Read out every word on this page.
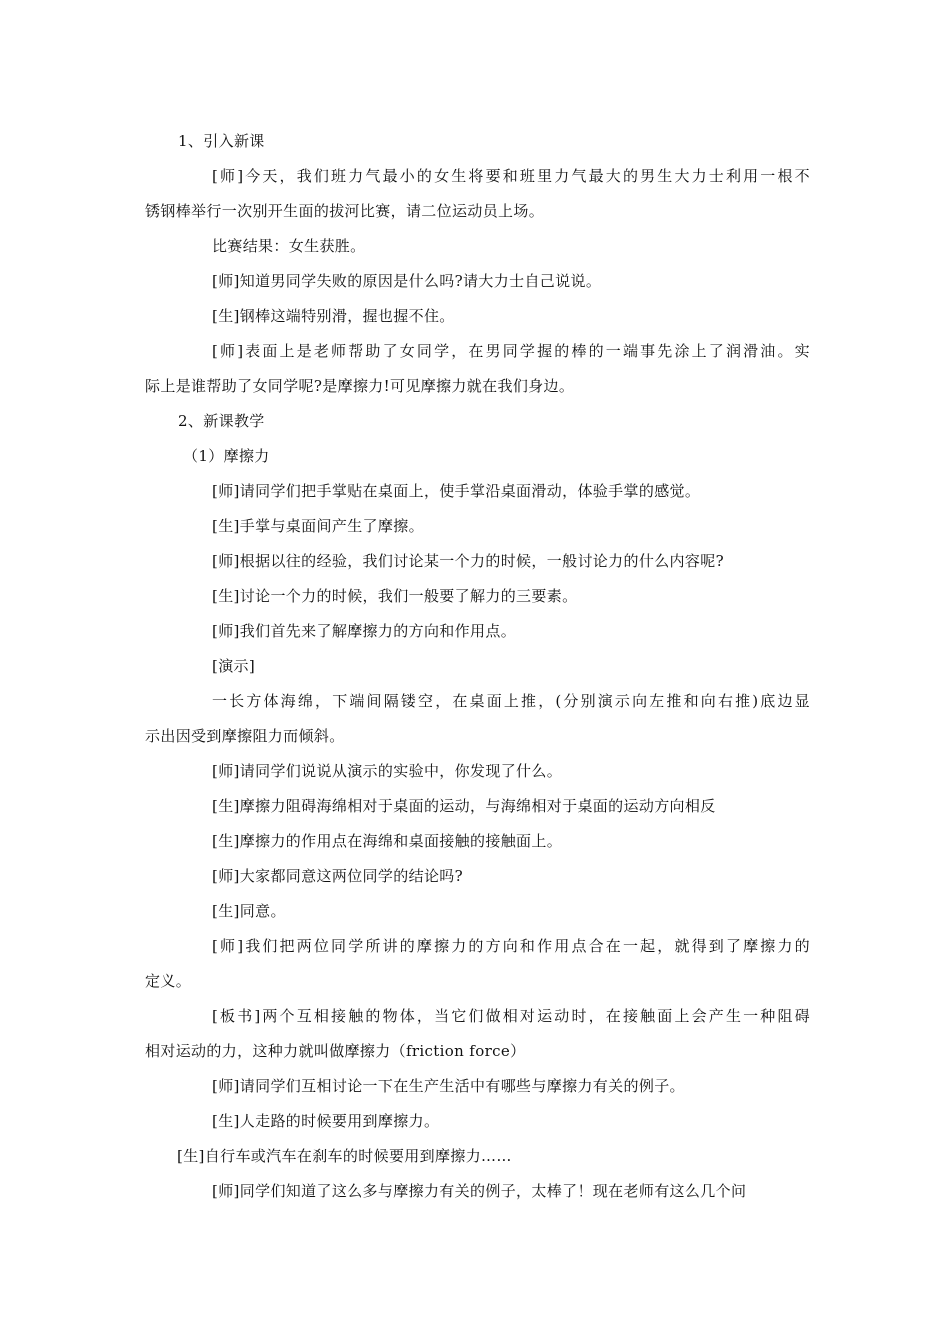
1、引入新课
[师]今天，我们班力气最小的女生将要和班里力气最大的男生大力士利用一根不
锈钢棒举行一次别开生面的拔河比赛，请二位运动员上场。
比赛结果：女生获胜。
[师]知道男同学失败的原因是什么吗?请大力士自己说说。
[生]钢棒这端特别滑，握也握不住。
[师]表面上是老师帮助了女同学，在男同学握的棒的一端事先涂上了润滑油。实
际上是谁帮助了女同学呢?是摩擦力!可见摩擦力就在我们身边。
2、新课教学
（1）摩擦力
[师]请同学们把手掌贴在桌面上，使手掌沿桌面滑动，体验手掌的感觉。
[生]手掌与桌面间产生了摩擦。
[师]根据以往的经验，我们讨论某一个力的时候，一般讨论力的什么内容呢?
[生]讨论一个力的时候，我们一般要了解力的三要素。
[师]我们首先来了解摩擦力的方向和作用点。
[演示]
一长方体海绵，下端间隔镂空，在桌面上推，(分别演示向左推和向右推)底边显
示出因受到摩擦阻力而倾斜。
[师]请同学们说说从演示的实验中，你发现了什么。
[生]摩擦力阻碍海绵相对于桌面的运动，与海绵相对于桌面的运动方向相反
[生]摩擦力的作用点在海绵和桌面接触的接触面上。
[师]大家都同意这两位同学的结论吗?
[生]同意。
[师]我们把两位同学所讲的摩擦力的方向和作用点合在一起，就得到了摩擦力的
定义。
[板书]两个互相接触的物体，当它们做相对运动时，在接触面上会产生一种阻碍
相对运动的力，这种力就叫做摩擦力（friction force）
[师]请同学们互相讨论一下在生产生活中有哪些与摩擦力有关的例子。
[生]人走路的时候要用到摩擦力。
[生]自行车或汽车在刹车的时候要用到摩擦力……
[师]同学们知道了这么多与摩擦力有关的例子，太棒了！现在老师有这么几个问
